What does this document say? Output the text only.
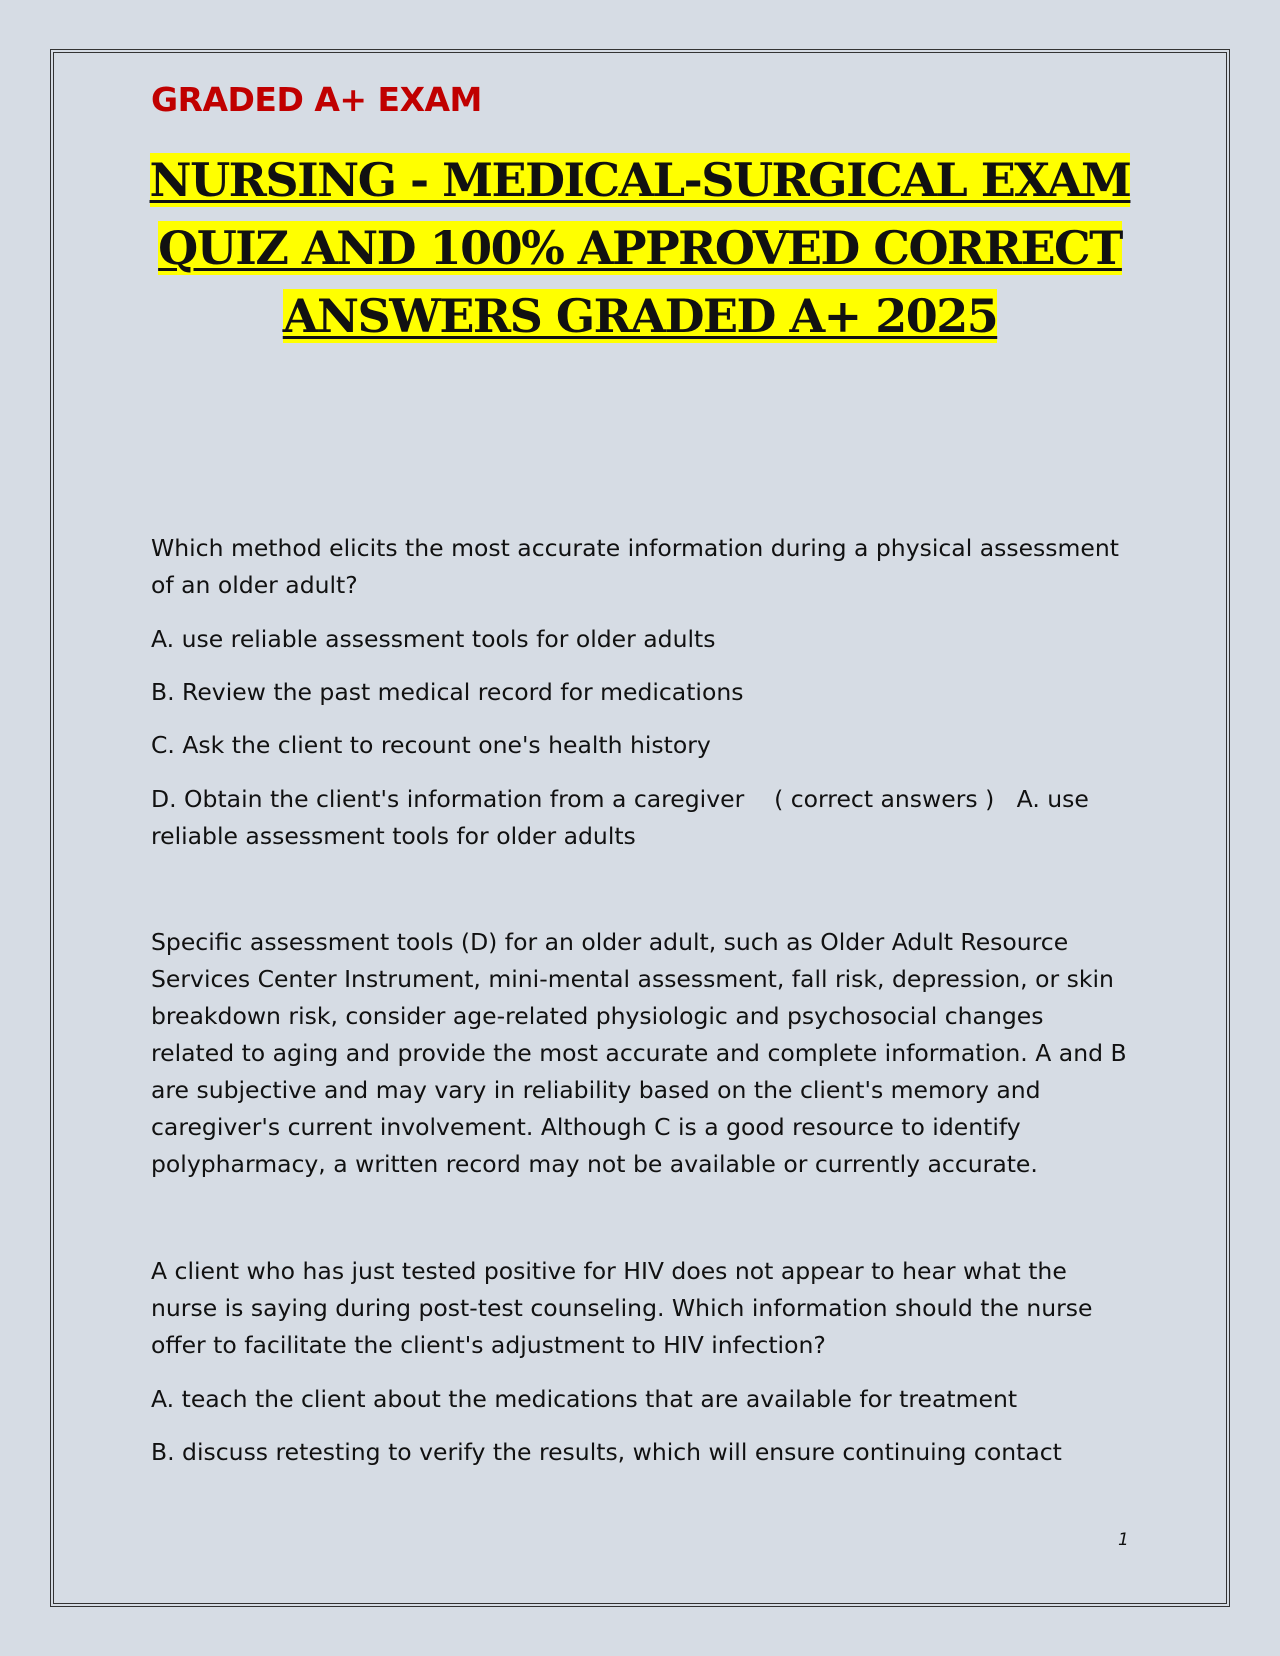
GRADED A+ EXAM

NURSING - MEDICAL-SURGICAL EXAM
QUIZ AND 100% APPROVED CORRECT
ANSWERS GRADED A+ 2025

Which method elicits the most accurate information during a physical assessment of an older adult?

A. use reliable assessment tools for older adults

B. Review the past medical record for medications

C. Ask the client to recount one's health history

D. Obtain the client's information from a caregiver    ( correct answers )   A. use reliable assessment tools for older adults

Specific assessment tools (D) for an older adult, such as Older Adult Resource Services Center Instrument, mini-mental assessment, fall risk, depression, or skin breakdown risk, consider age-related physiologic and psychosocial changes related to aging and provide the most accurate and complete information. A and B are subjective and may vary in reliability based on the client's memory and caregiver's current involvement. Although C is a good resource to identify polypharmacy, a written record may not be available or currently accurate.

A client who has just tested positive for HIV does not appear to hear what the nurse is saying during post-test counseling. Which information should the nurse offer to facilitate the client's adjustment to HIV infection?

A. teach the client about the medications that are available for treatment

B. discuss retesting to verify the results, which will ensure continuing contact

1
